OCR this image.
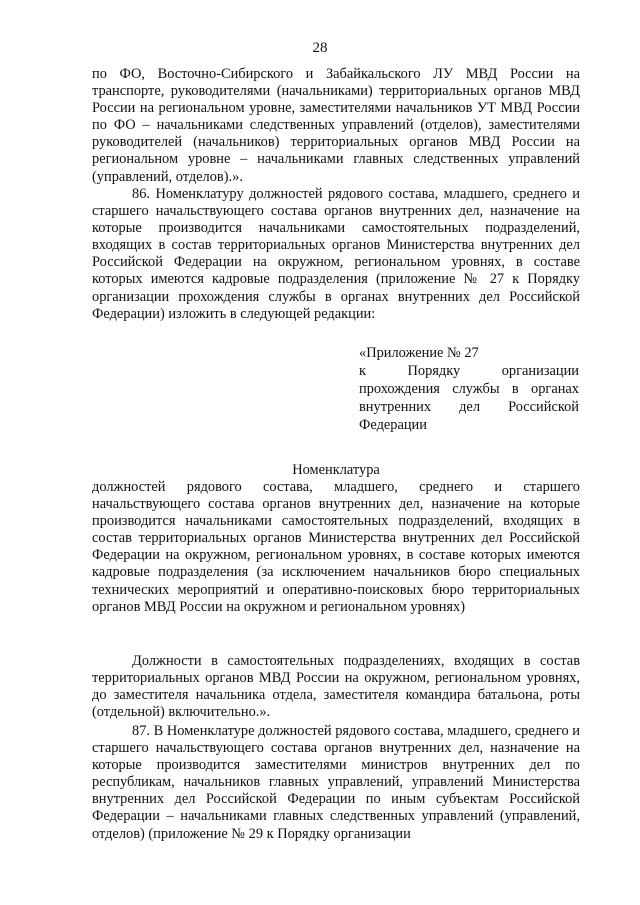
28

по ФО, Восточно-Сибирского и Забайкальского ЛУ МВД России на транспорте, руководителями (начальниками) территориальных органов МВД России на региональном уровне, заместителями начальников УТ МВД России по ФО – начальниками следственных управлений (отделов), заместителями руководителей (начальников) территориальных органов МВД России на региональном уровне – начальниками главных следственных управлений (управлений, отделов).».

86. Номенклатуру должностей рядового состава, младшего, среднего и старшего начальствующего состава органов внутренних дел, назначение на которые производится начальниками самостоятельных подразделений, входящих в состав территориальных органов Министерства внутренних дел Российской Федерации на окружном, региональном уровнях, в составе которых имеются кадровые подразделения (приложение № 27 к Порядку организации прохождения службы в органах внутренних дел Российской Федерации) изложить в следующей редакции:

«Приложение № 27
к Порядку организации
прохождения службы в органах
внутренних дел Российской
Федерации
Номенклатура

должностей рядового состава, младшего, среднего и старшего начальствующего состава органов внутренних дел, назначение на которые производится начальниками самостоятельных подразделений, входящих в состав территориальных органов Министерства внутренних дел Российской Федерации на окружном, региональном уровнях, в составе которых имеются кадровые подразделения (за исключением начальников бюро специальных технических мероприятий и оперативно-поисковых бюро территориальных органов МВД России на окружном и региональном уровнях)

Должности в самостоятельных подразделениях, входящих в состав территориальных органов МВД России на окружном, региональном уровнях, до заместителя начальника отдела, заместителя командира батальона, роты (отдельной) включительно.».

87. В Номенклатуре должностей рядового состава, младшего, среднего и старшего начальствующего состава органов внутренних дел, назначение на которые производится заместителями министров внутренних дел по республикам, начальников главных управлений, управлений Министерства внутренних дел Российской Федерации по иным субъектам Российской Федерации – начальниками главных следственных управлений (управлений, отделов) (приложение № 29 к Порядку организации
